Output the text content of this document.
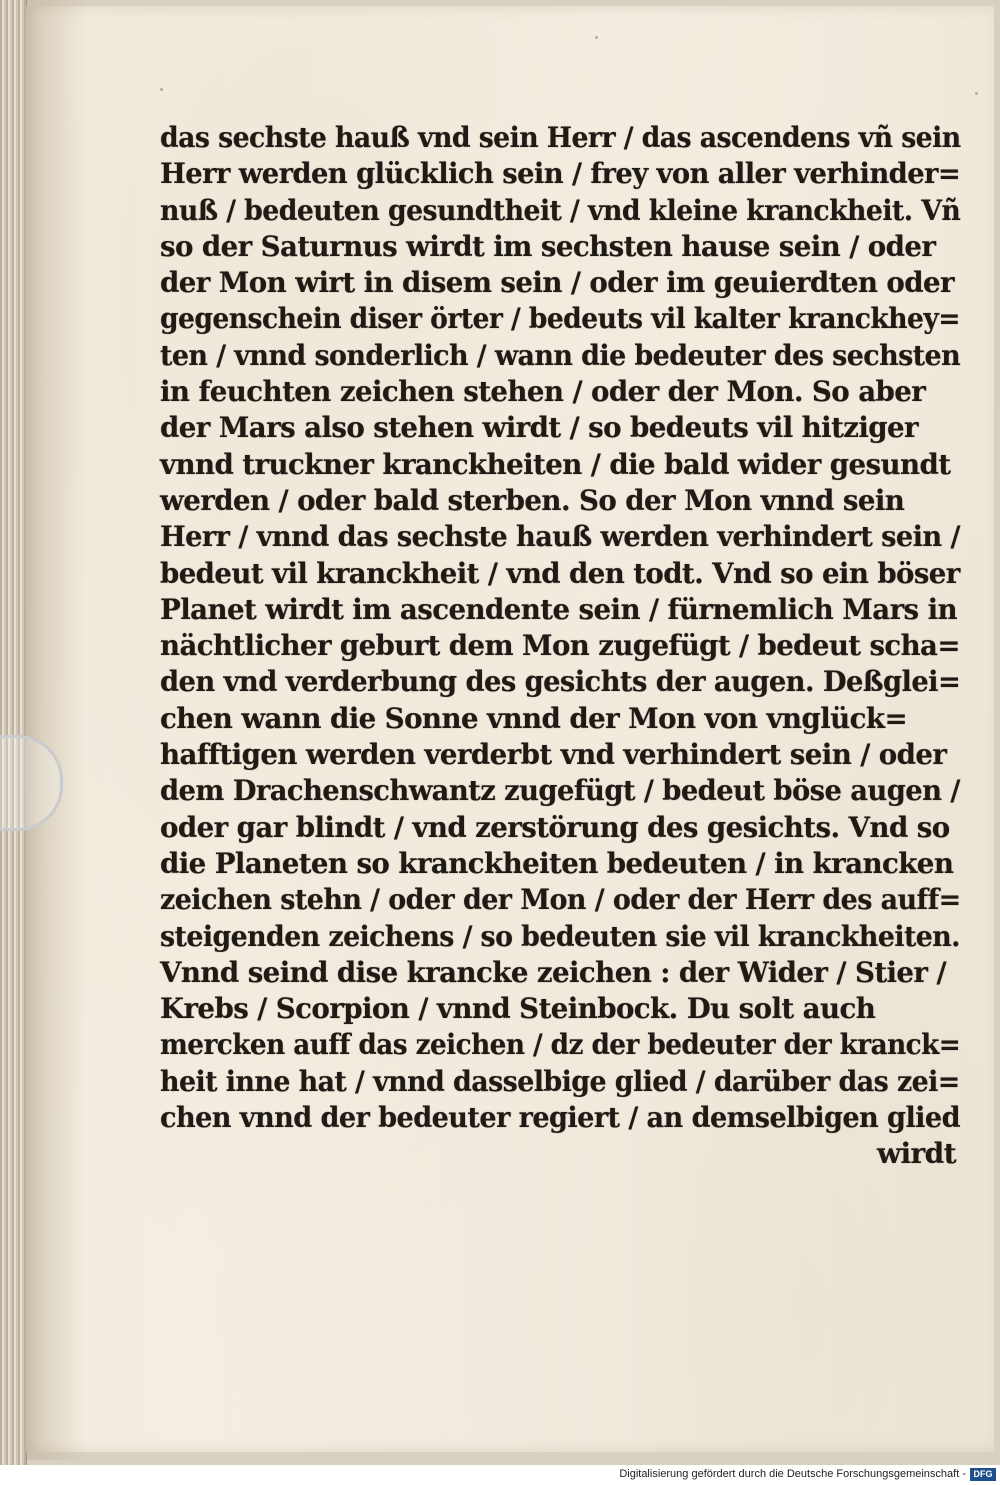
das sechste hauß vnd sein Herr / das ascendens vñ sein
Herr werden glücklich sein / frey von aller verhinder=
nuß / bedeuten gesundtheit / vnd kleine kranckheit. Vñ
so der Saturnus wirdt im sechsten hause sein / oder
der Mon wirt in disem sein / oder im geuierdten oder
gegenschein diser örter / bedeuts vil kalter kranckhey=
ten / vnnd sonderlich / wann die bedeuter des sechsten
in feuchten zeichen stehen / oder der Mon. So aber
der Mars also stehen wirdt / so bedeuts vil hitziger
vnnd truckner kranckheiten / die bald wider gesundt
werden / oder bald sterben. So der Mon vnnd sein
Herr / vnnd das sechste hauß werden verhindert sein /
bedeut vil kranckheit / vnd den todt. Vnd so ein böser
Planet wirdt im ascendente sein / fürnemlich Mars in
nächtlicher geburt dem Mon zugefügt / bedeut scha=
den vnd verderbung des gesichts der augen. Deßglei=
chen wann die Sonne vnnd der Mon von vnglück=
hafftigen werden verderbt vnd verhindert sein / oder
dem Drachenschwantz zugefügt / bedeut böse augen /
oder gar blindt / vnd zerstörung des gesichts. Vnd so
die Planeten so kranckheiten bedeuten / in krancken
zeichen stehn / oder der Mon / oder der Herr des auff=
steigenden zeichens / so bedeuten sie vil kranckheiten.
Vnnd seind dise krancke zeichen : der Wider / Stier /
Krebs / Scorpion / vnnd Steinbock. Du solt auch
mercken auff das zeichen / dz der bedeuter der kranck=
heit inne hat / vnnd dasselbige glied / darüber das zei=
chen vnnd der bedeuter regiert / an demselbigen glied
wirdt
Digitalisierung gefördert durch die Deutsche Forschungsgemeinschaft - DFG
